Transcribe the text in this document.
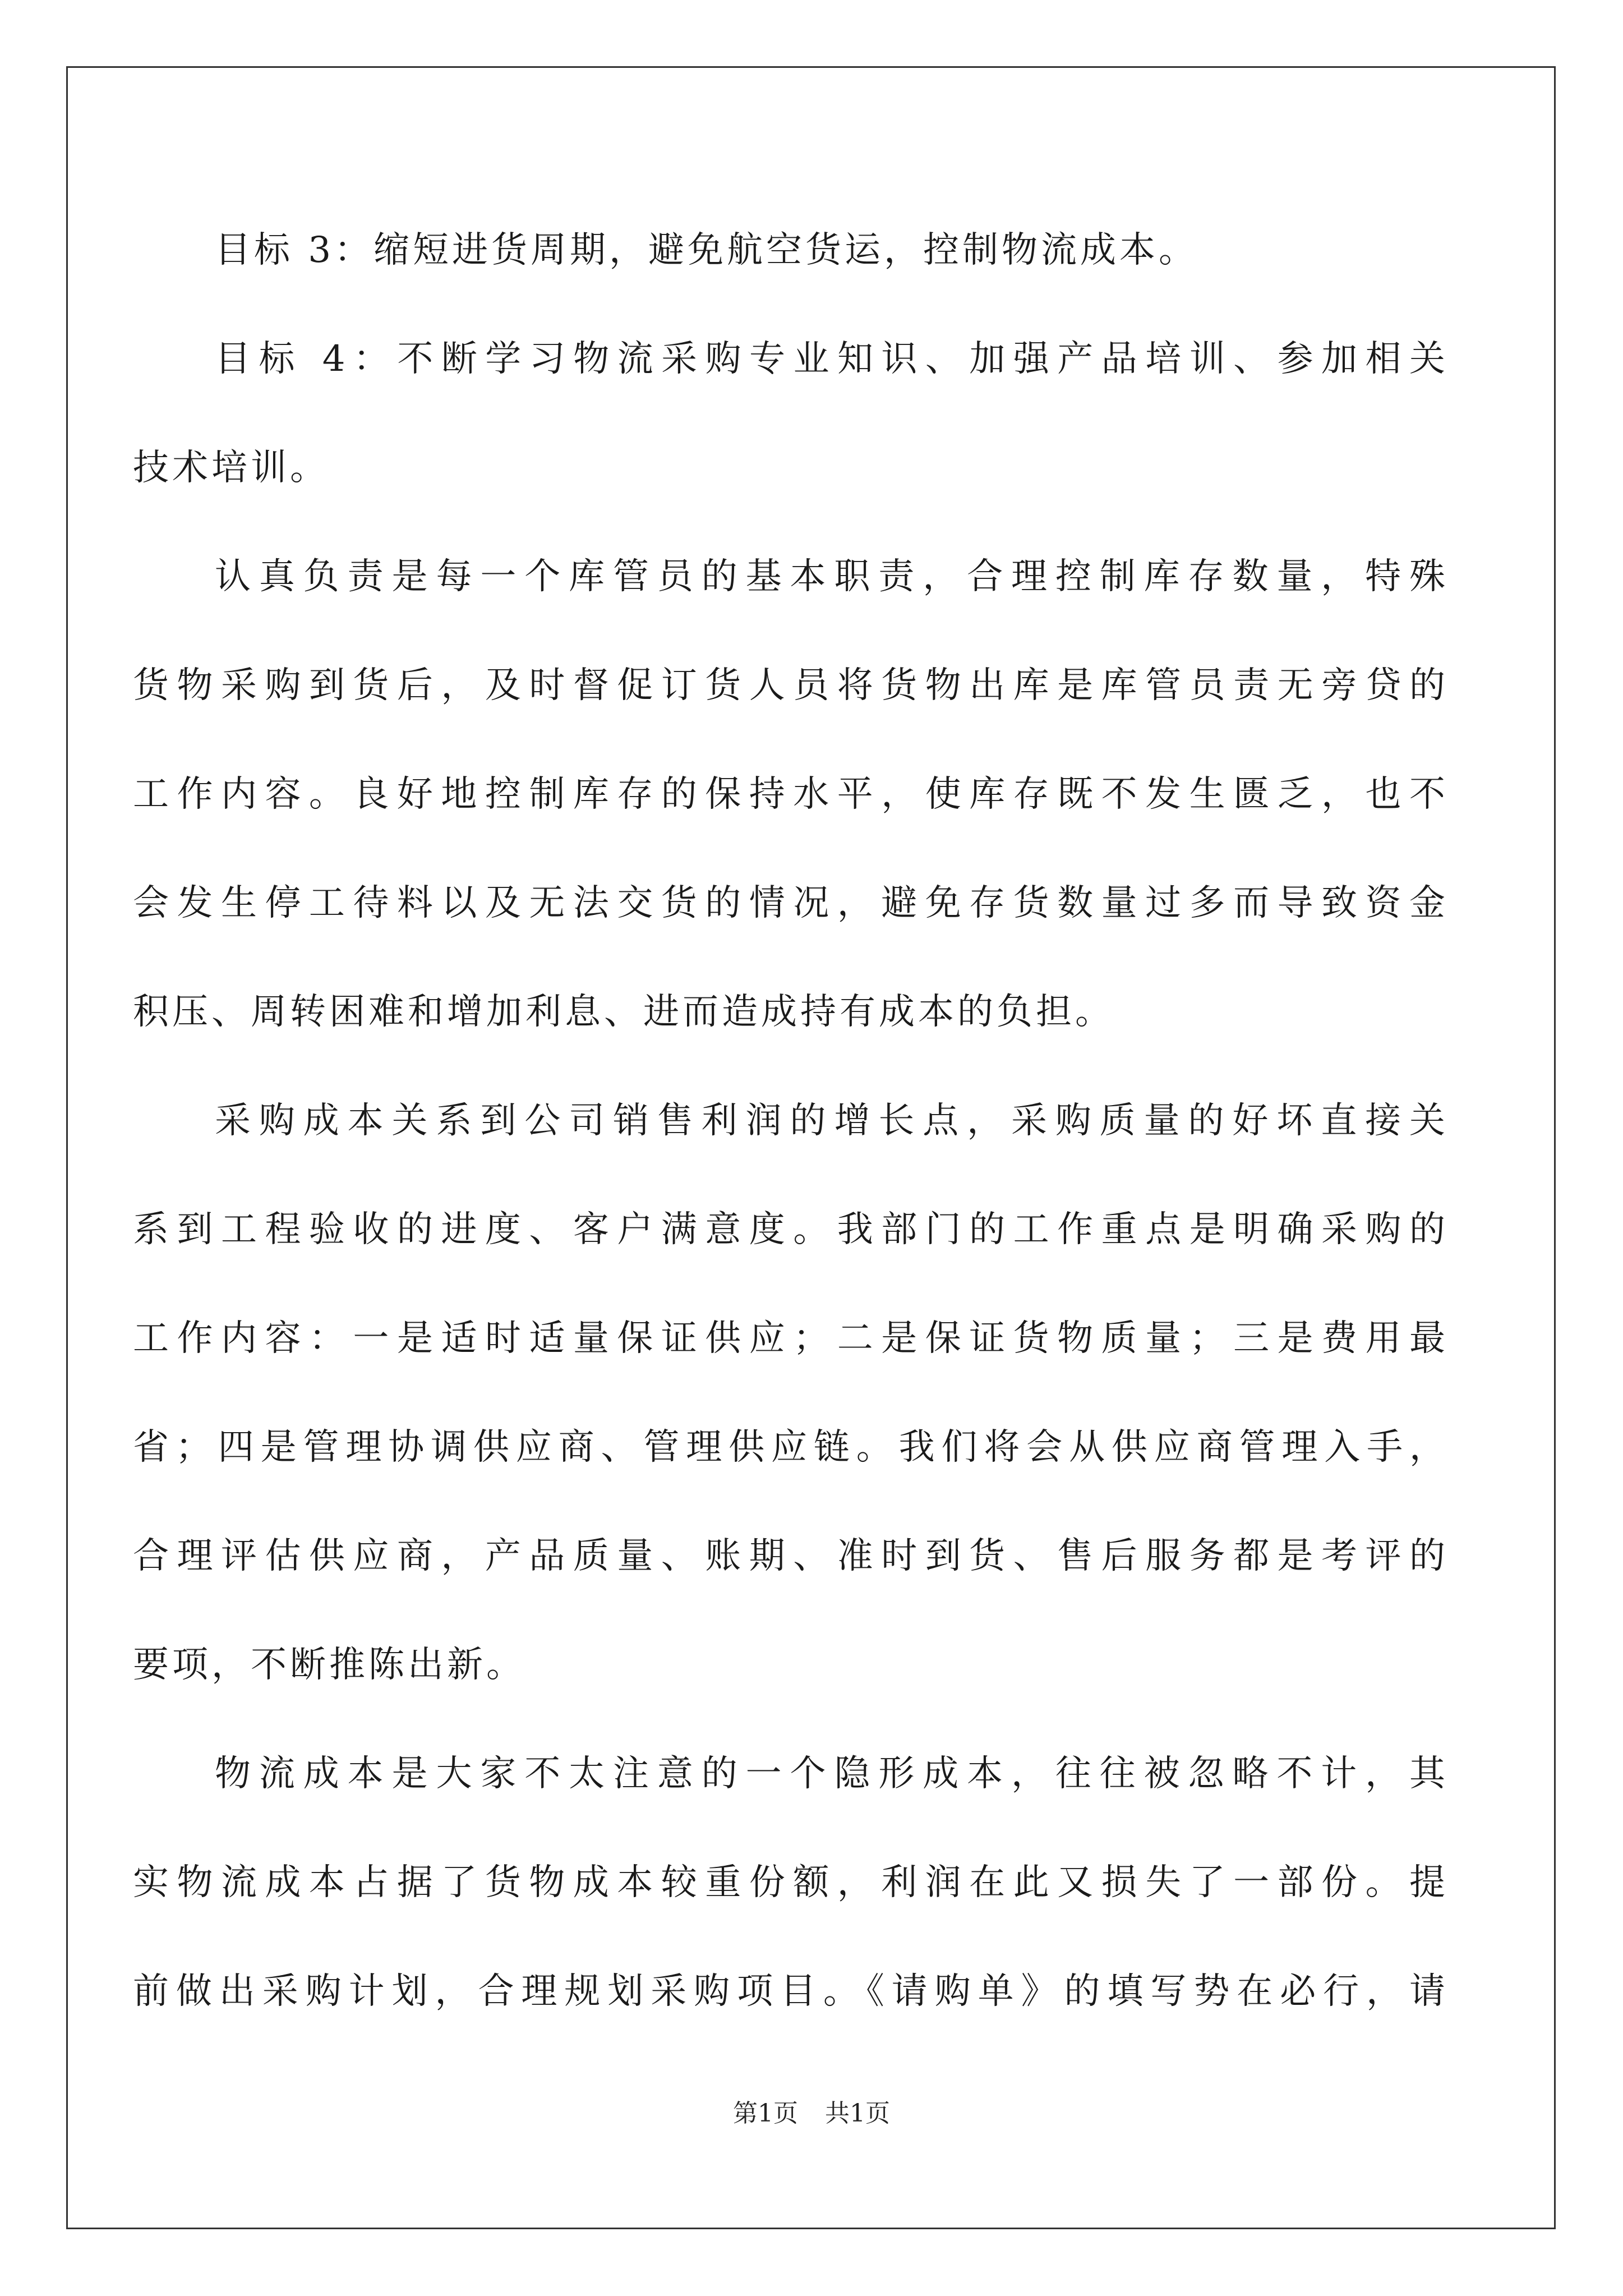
目标 3：缩短进货周期，避免航空货运，控制物流成本。
目标 4：不断学习物流采购专业知识、加强产品培训、参加相关
技术培训。
认真负责是每一个库管员的基本职责，合理控制库存数量，特殊
货物采购到货后，及时督促订货人员将货物出库是库管员责无旁贷的
工作内容。良好地控制库存的保持水平，使库存既不发生匮乏，也不
会发生停工待料以及无法交货的情况，避免存货数量过多而导致资金
积压、周转困难和增加利息、进而造成持有成本的负担。
采购成本关系到公司销售利润的增长点，采购质量的好坏直接关
系到工程验收的进度、客户满意度。我部门的工作重点是明确采购的
工作内容：一是适时适量保证供应；二是保证货物质量；三是费用最
省；四是管理协调供应商、管理供应链。我们将会从供应商管理入手，
合理评估供应商，产品质量、账期、准时到货、售后服务都是考评的
要项，不断推陈出新。
物流成本是大家不太注意的一个隐形成本，往往被忽略不计，其
实物流成本占据了货物成本较重份额，利润在此又损失了一部份。提
前做出采购计划，合理规划采购项目。《请购单》的填写势在必行，请
第1页 共1页
